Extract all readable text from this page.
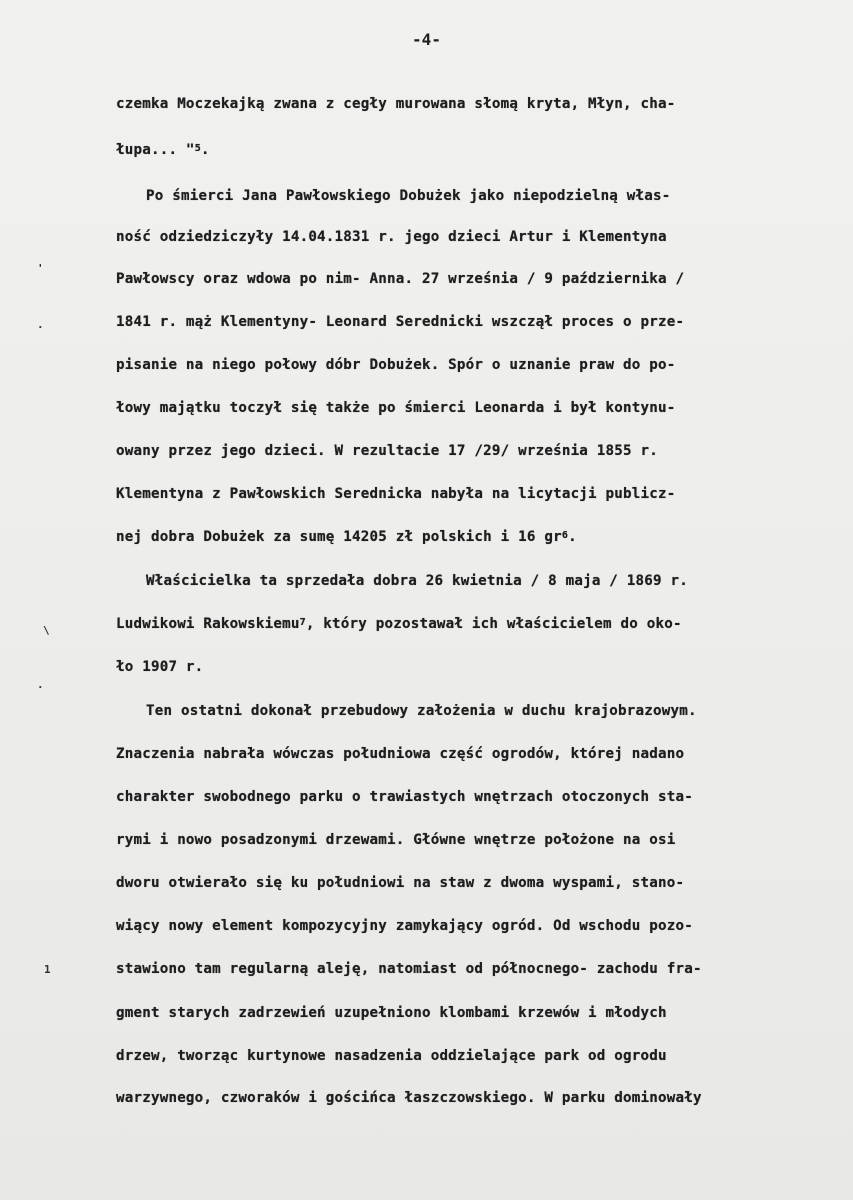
-4-
czemka Moczekajką zwana z cegły murowana słomą kryta, Młyn, cha-
łupa... "$^5$.
Po śmierci Jana Pawłowskiego Dobużek jako niepodzielną włas-
ność odziedziczyły 14.04.1831 r. jego dzieci Artur i Klementyna
Pawłowscy oraz wdowa po nim- Anna. 27 września / 9 października /
1841 r. mąż Klementyny- Leonard Serednicki wszczął proces o prze-
pisanie na niego połowy dóbr Dobużek. Spór o uznanie praw do po-
łowy majątku toczył się także po śmierci Leonarda i był kontynu-
owany przez jego dzieci. W rezultacie 17 /29/ września 1855 r.
Klementyna z Pawłowskich Serednicka nabyła na licytacji publicz-
nej dobra Dobużek za sumę 14205 zł polskich i 16 $gr^6$.
Właścicielka ta sprzedała dobra 26 kwietnia / 8 maja / 1869 r.
Ludwikowi Rakowskiemu$^7$, który pozostawał ich właścicielem do oko-
ło 1907 r.
Ten ostatni dokonał przebudowy założenia w duchu krajobrazowym.
Znaczenia nabrała wówczas południowa część ogrodów, której nadano
charakter swobodnego parku o trawiastych wnętrzach otoczonych sta-
rymi i nowo posadzonymi drzewami. Główne wnętrze położone na osi
dworu otwierało się ku południowi na staw z dwoma wyspami, stano-
wiący nowy element kompozycyjny zamykający ogród. Od wschodu pozo-
stawiono tam regularną aleję, natomiast od północnego- zachodu fra-
gment starych zadrzewień uzupełniono klombami krzewów i młodych
drzew, tworząc kurtynowe nasadzenia oddzielające park od ogrodu
warzywnego, czworaków i gościńca łaszczowskiego. W parku dominowały
'
.
\
.
1
